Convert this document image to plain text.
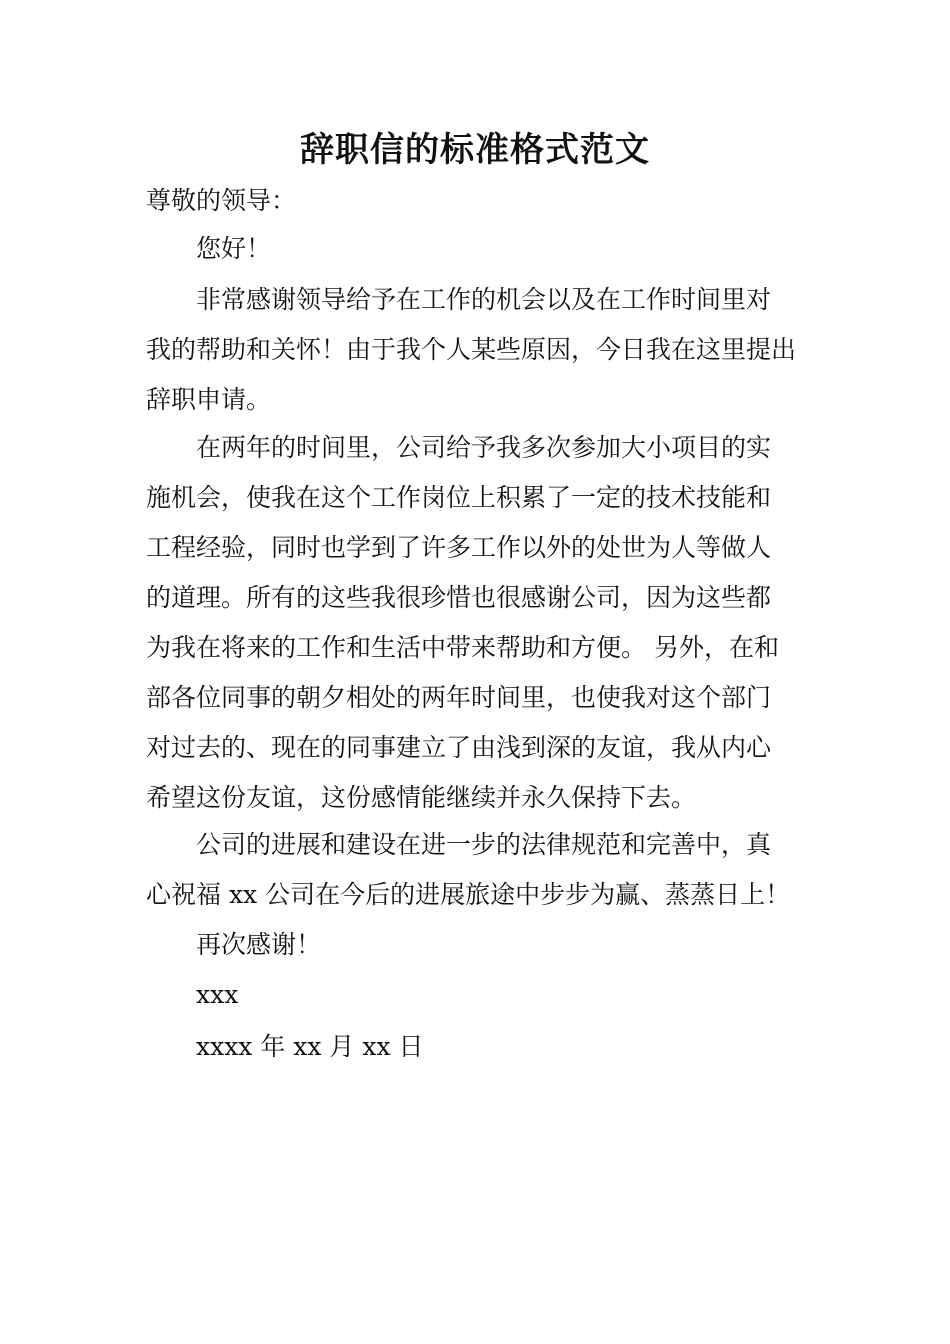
辞职信的标准格式范文
尊敬的领导：
您好！
非常感谢领导给予在工作的机会以及在工作时间里对
我的帮助和关怀！由于我个人某些原因，今日我在这里提出
辞职申请。
在两年的时间里，公司给予我多次参加大小项目的实
施机会，使我在这个工作岗位上积累了一定的技术技能和
工程经验，同时也学到了许多工作以外的处世为人等做人
的道理。所有的这些我很珍惜也很感谢公司，因为这些都
为我在将来的工作和生活中带来帮助和方便。 另外，在和
部各位同事的朝夕相处的两年时间里，也使我对这个部门
对过去的、现在的同事建立了由浅到深的友谊，我从内心
希望这份友谊，这份感情能继续并永久保持下去。
公司的进展和建设在进一步的法律规范和完善中，真
心祝福 xx 公司在今后的进展旅途中步步为赢、蒸蒸日上！
再次感谢！
xxx
xxxx 年 xx 月 xx 日
